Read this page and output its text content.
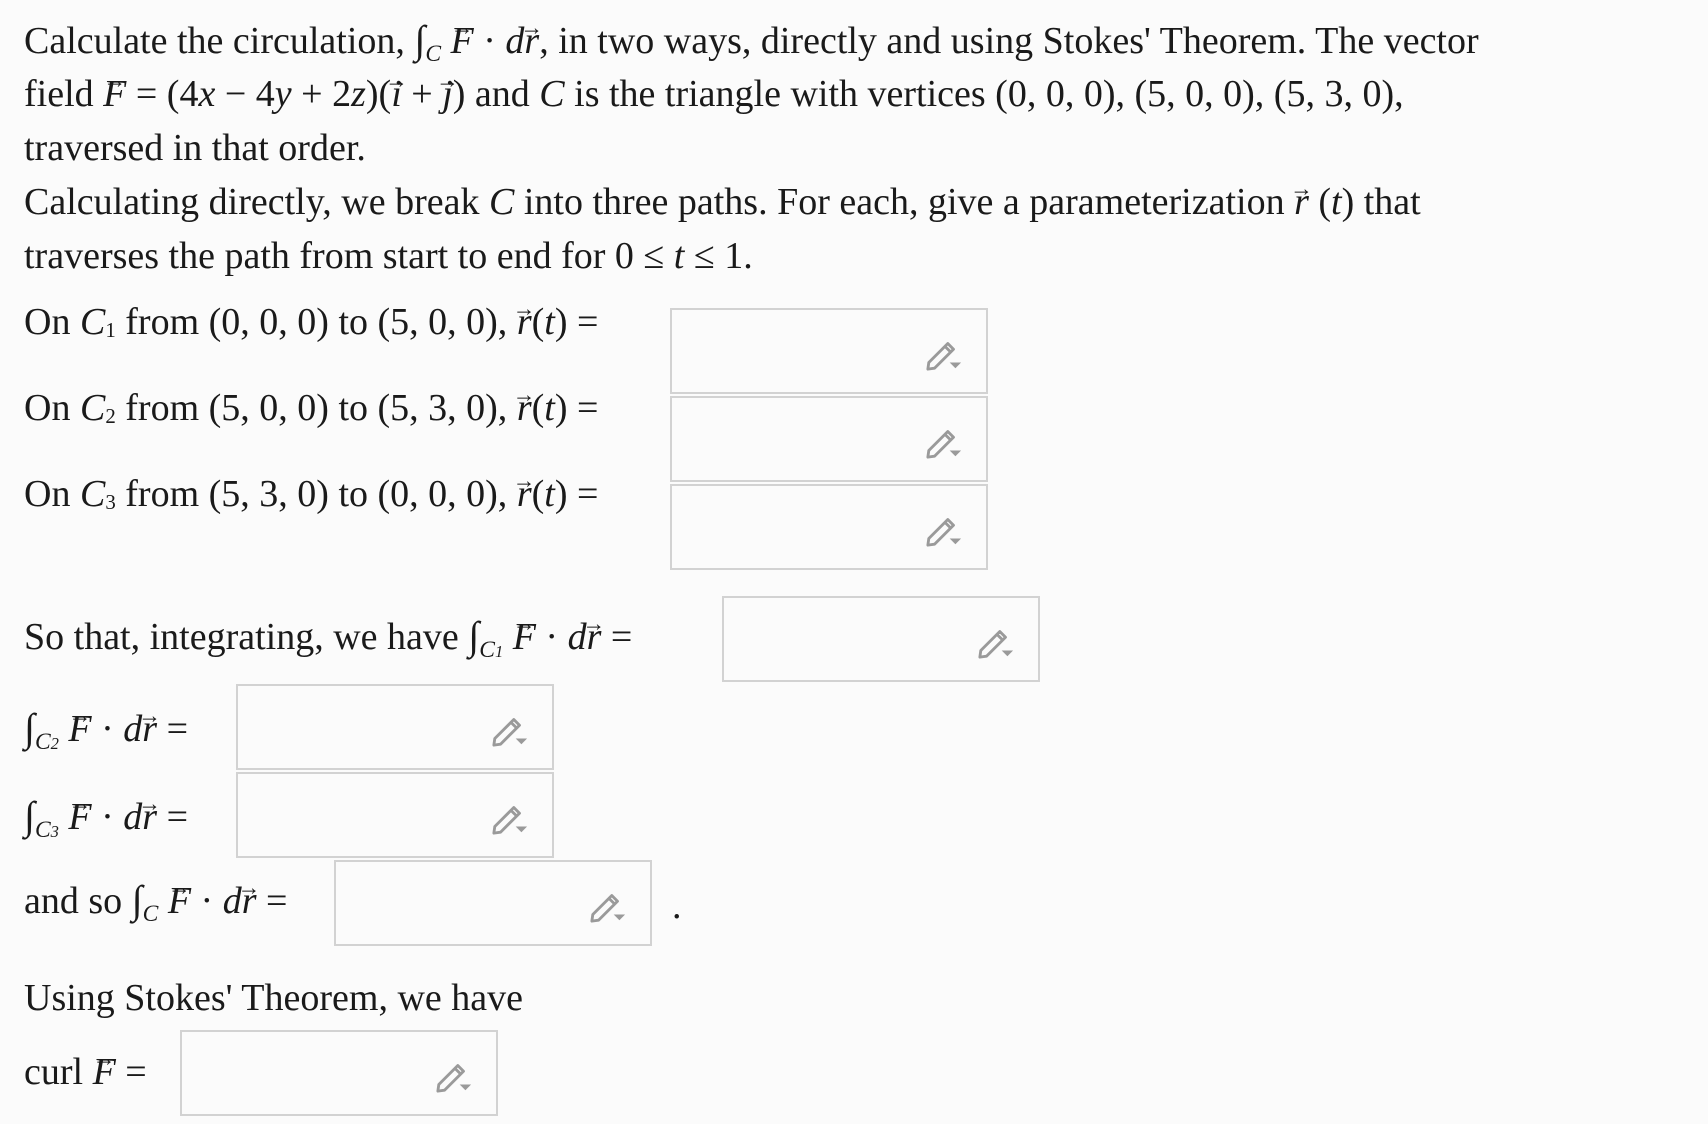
Calculate the circulation, $\int_C \to F \cdot d\to r$, in two ways, directly and using Stokes' Theorem. The vector
field → F = (4x − 4y + 2z)(→ i + → j) and C is the triangle with vertices (0, 0, 0), (5, 0, 0), (5, 3, 0),
traversed in that order.
Calculating directly, we break C into three paths. For each, give a parameterization → r (t) that
traverses the path from start to end for 0 ≤ t ≤ 1.
On C1 from (0, 0, 0) to (5, 0, 0), → r(t) =
On C2 from (5, 0, 0) to (5, 3, 0), → r(t) =
On C3 from (5, 3, 0) to (0, 0, 0), → r(t) =
So that, integrating, we have $\int_{C1} \to F \cdot d\to r$ =
$\int_{C2} \to F \cdot d\to r$ =
$\int_{C3} \to F \cdot d\to r$ =
and so $\int_C \to F \cdot d\to r$ =	.
Using Stokes' Theorem, we have
curl → F =
